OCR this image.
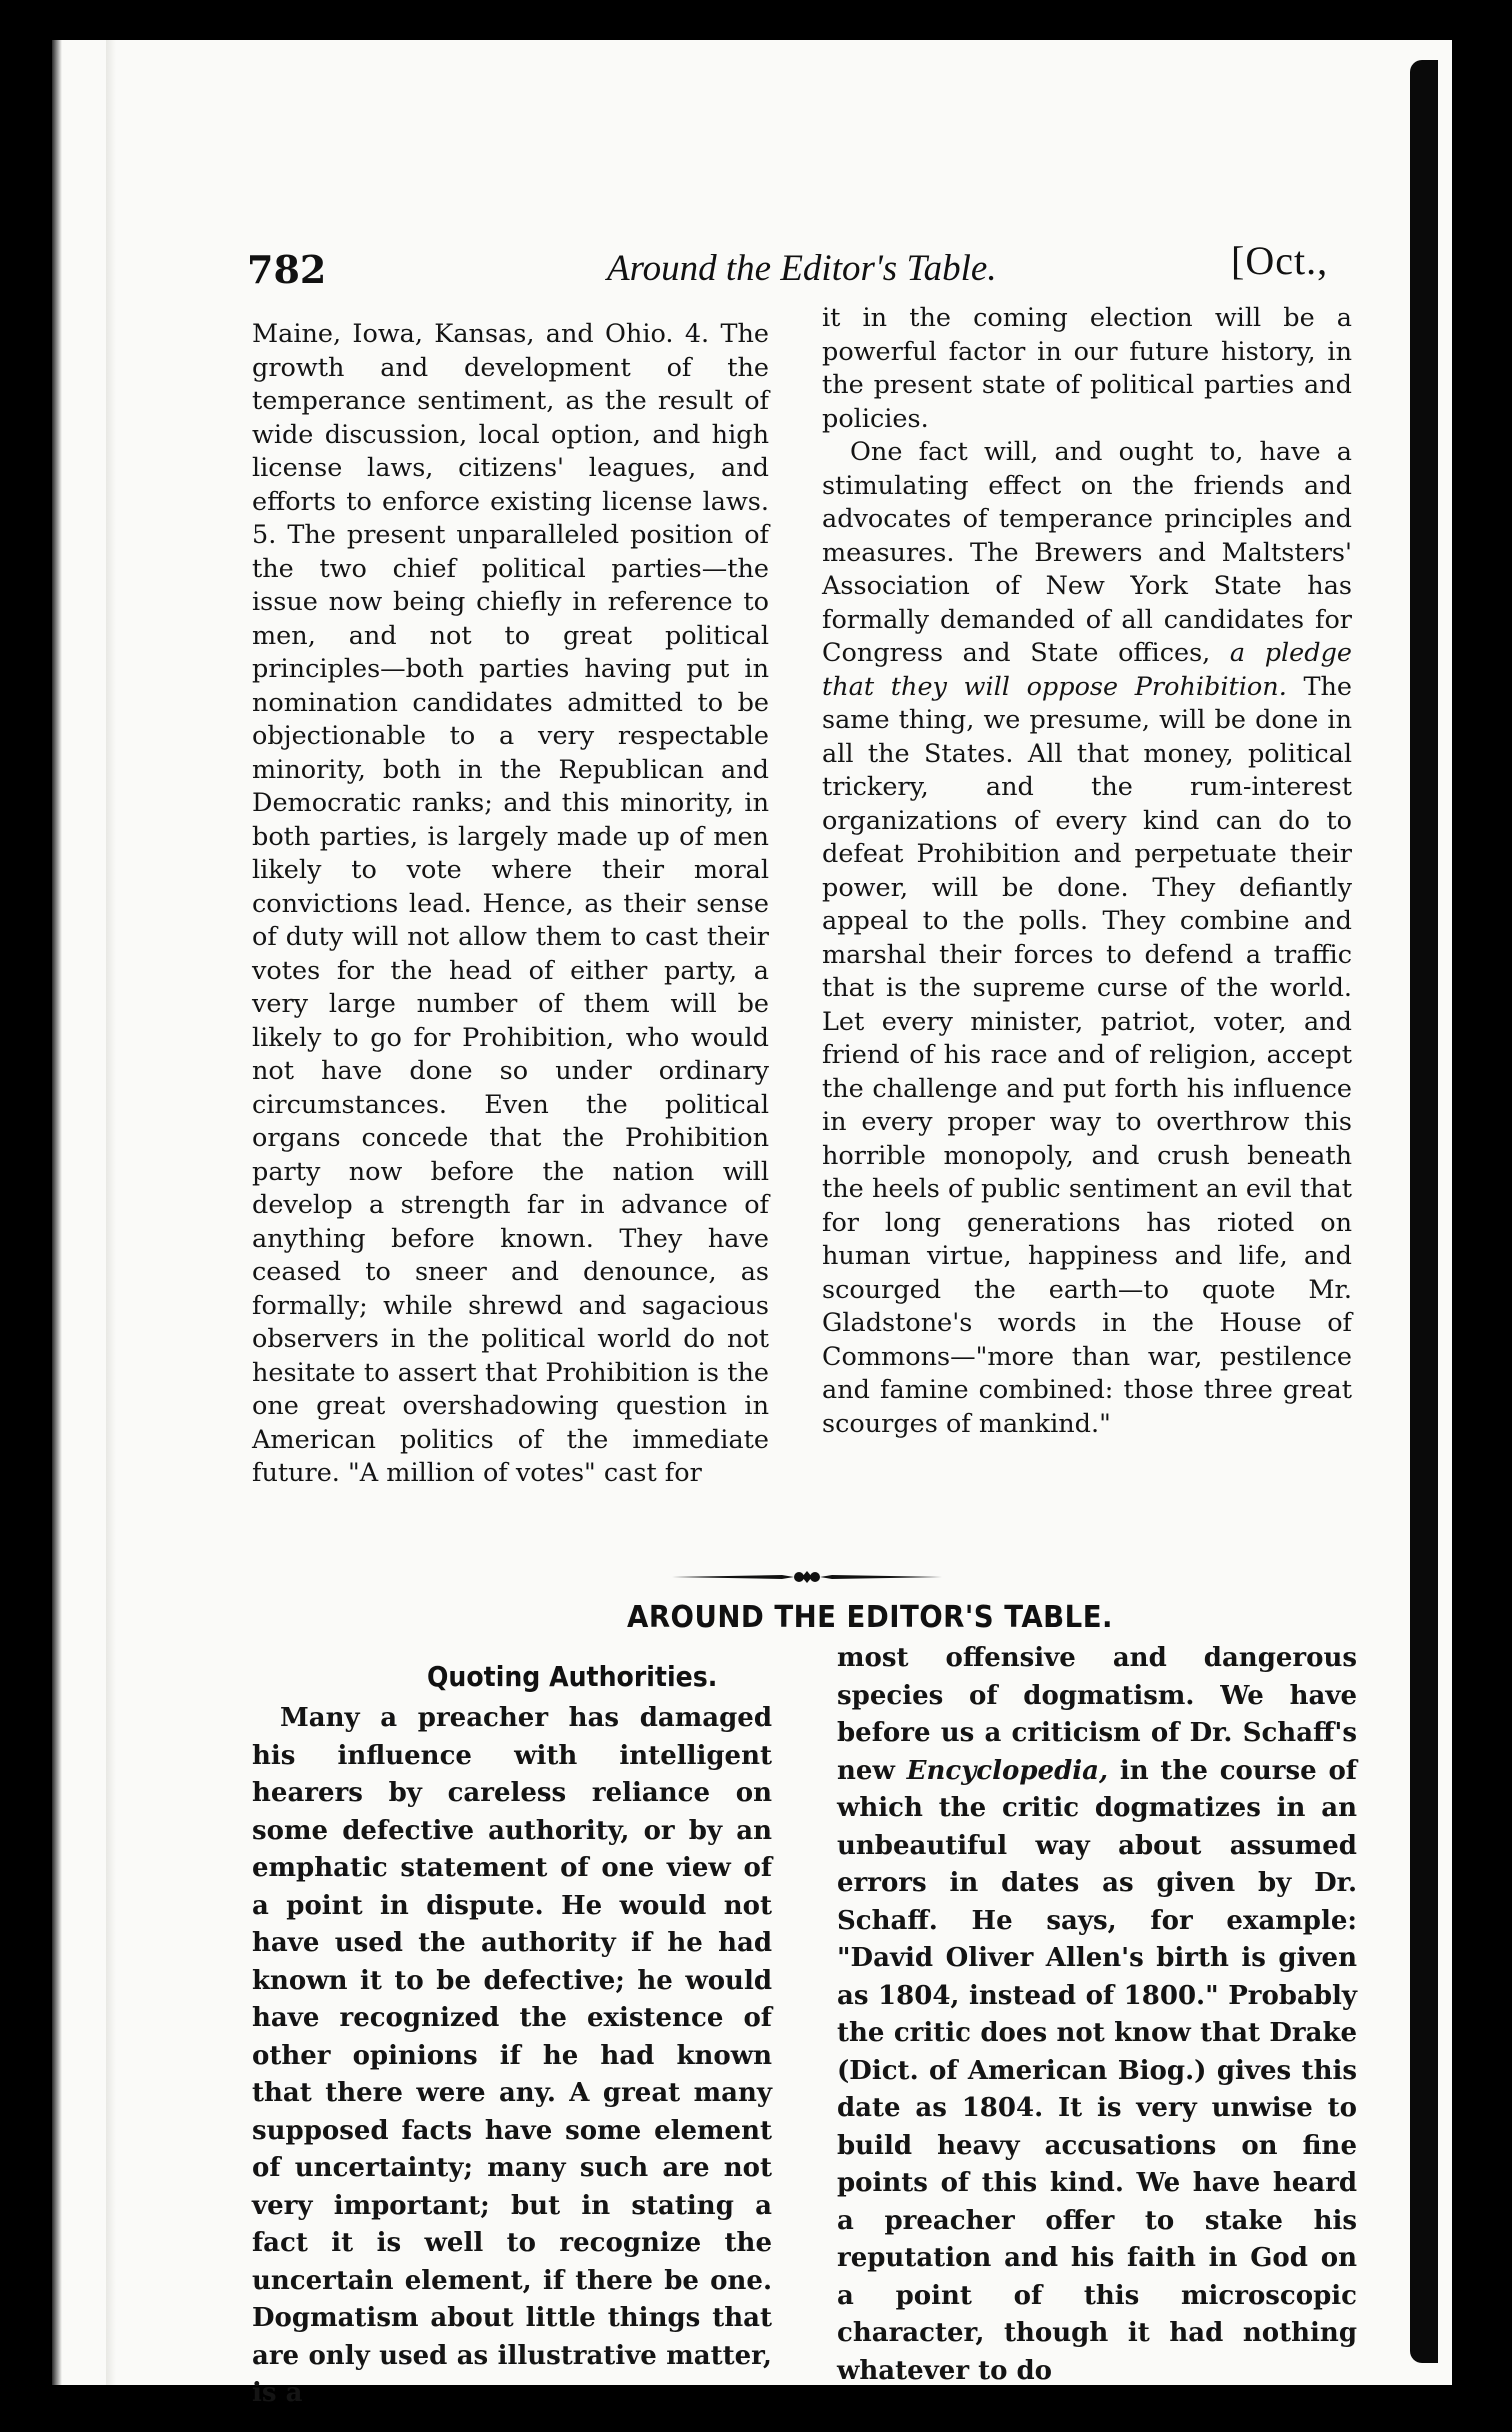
782	Around the Editor's Table.	[Oct.,

Maine, Iowa, Kansas, and Ohio. 4. The growth and development of the temperance sentiment, as the result of wide discussion, local option, and high license laws, citizens' leagues, and efforts to enforce existing license laws. 5. The present unparalleled position of the two chief political parties—the issue now being chiefly in reference to men, and not to great political principles—both parties having put in nomination candidates admitted to be objectionable to a very respectable minority, both in the Republican and Democratic ranks; and this minority, in both parties, is largely made up of men likely to vote where their moral convictions lead. Hence, as their sense of duty will not allow them to cast their votes for the head of either party, a very large number of them will be likely to go for Prohibition, who would not have done so under ordinary circumstances. Even the political organs concede that the Prohibition party now before the nation will develop a strength far in advance of anything before known. They have ceased to sneer and denounce, as formally; while shrewd and sagacious observers in the political world do not hesitate to assert that Prohibition is the one great overshadowing question in American politics of the immediate future. "A million of votes" cast for

it in the coming election will be a powerful factor in our future history, in the present state of political parties and policies.

One fact will, and ought to, have a stimulating effect on the friends and advocates of temperance principles and measures. The Brewers and Maltsters' Association of New York State has formally demanded of all candidates for Congress and State offices, a pledge that they will oppose Prohibition. The same thing, we presume, will be done in all the States. All that money, political trickery, and the rum-interest organizations of every kind can do to defeat Prohibition and perpetuate their power, will be done. They defiantly appeal to the polls. They combine and marshal their forces to defend a traffic that is the supreme curse of the world. Let every minister, patriot, voter, and friend of his race and of religion, accept the challenge and put forth his influence in every proper way to overthrow this horrible monopoly, and crush beneath the heels of public sentiment an evil that for long generations has rioted on human virtue, happiness and life, and scourged the earth—to quote Mr. Gladstone's words in the House of Commons—"more than war, pestilence and famine combined: those three great scourges of mankind."

AROUND THE EDITOR'S TABLE.
Quoting Authorities.

Many a preacher has damaged his influence with intelligent hearers by careless reliance on some defective authority, or by an emphatic statement of one view of a point in dispute. He would not have used the authority if he had known it to be defective; he would have recognized the existence of other opinions if he had known that there were any. A great many supposed facts have some element of uncertainty; many such are not very important; but in stating a fact it is well to recognize the uncertain element, if there be one. Dogmatism about little things that are only used as illustrative matter, is a

most offensive and dangerous species of dogmatism. We have before us a criticism of Dr. Schaff's new Encyclopedia, in the course of which the critic dogmatizes in an unbeautiful way about assumed errors in dates as given by Dr. Schaff. He says, for example: "David Oliver Allen's birth is given as 1804, instead of 1800." Probably the critic does not know that Drake (Dict. of American Biog.) gives this date as 1804. It is very unwise to build heavy accusations on fine points of this kind. We have heard a preacher offer to stake his reputation and his faith in God on a point of this microscopic character, though it had nothing whatever to do
